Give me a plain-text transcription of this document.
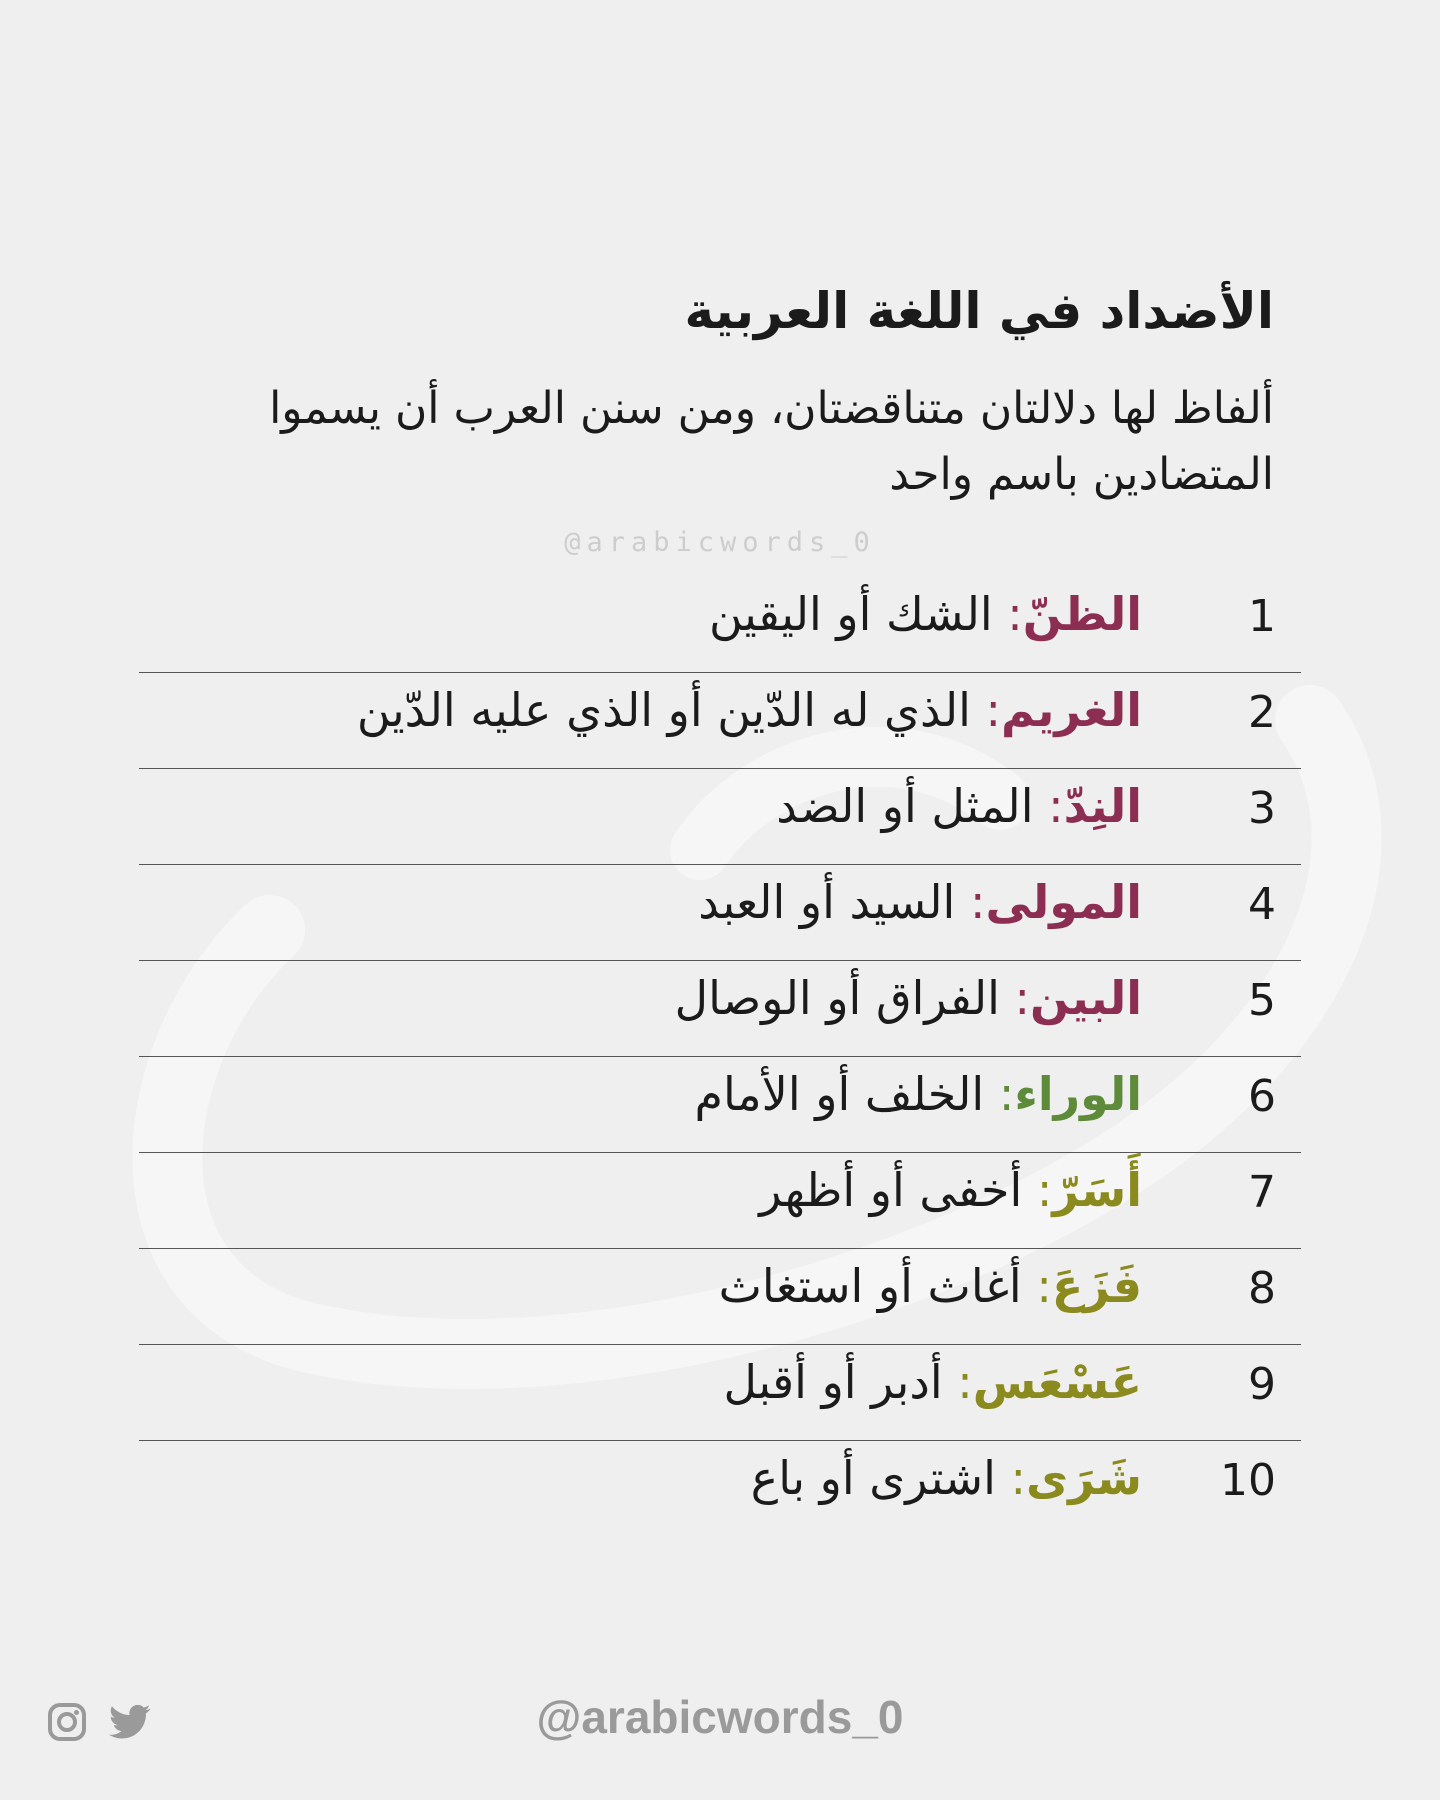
الأضداد في اللغة العربية

ألفاظ لها دلالتان متناقضتان، ومن سنن العرب أن يسموا المتضادين باسم واحد

@arabicwords_0
1
الظنّ: الشك أو اليقين
2
الغريم: الذي له الدّين أو الذي عليه الدّين
3
النِدّ: المثل أو الضد
4
المولى: السيد أو العبد
5
البين: الفراق أو الوصال
6
الوراء: الخلف أو الأمام
7
أَسَرّ: أخفى أو أظهر
8
فَزَعَ: أغاث أو استغاث
9
عَسْعَس: أدبر أو أقبل
10
شَرَى: اشترى أو باع
@arabicwords_0
